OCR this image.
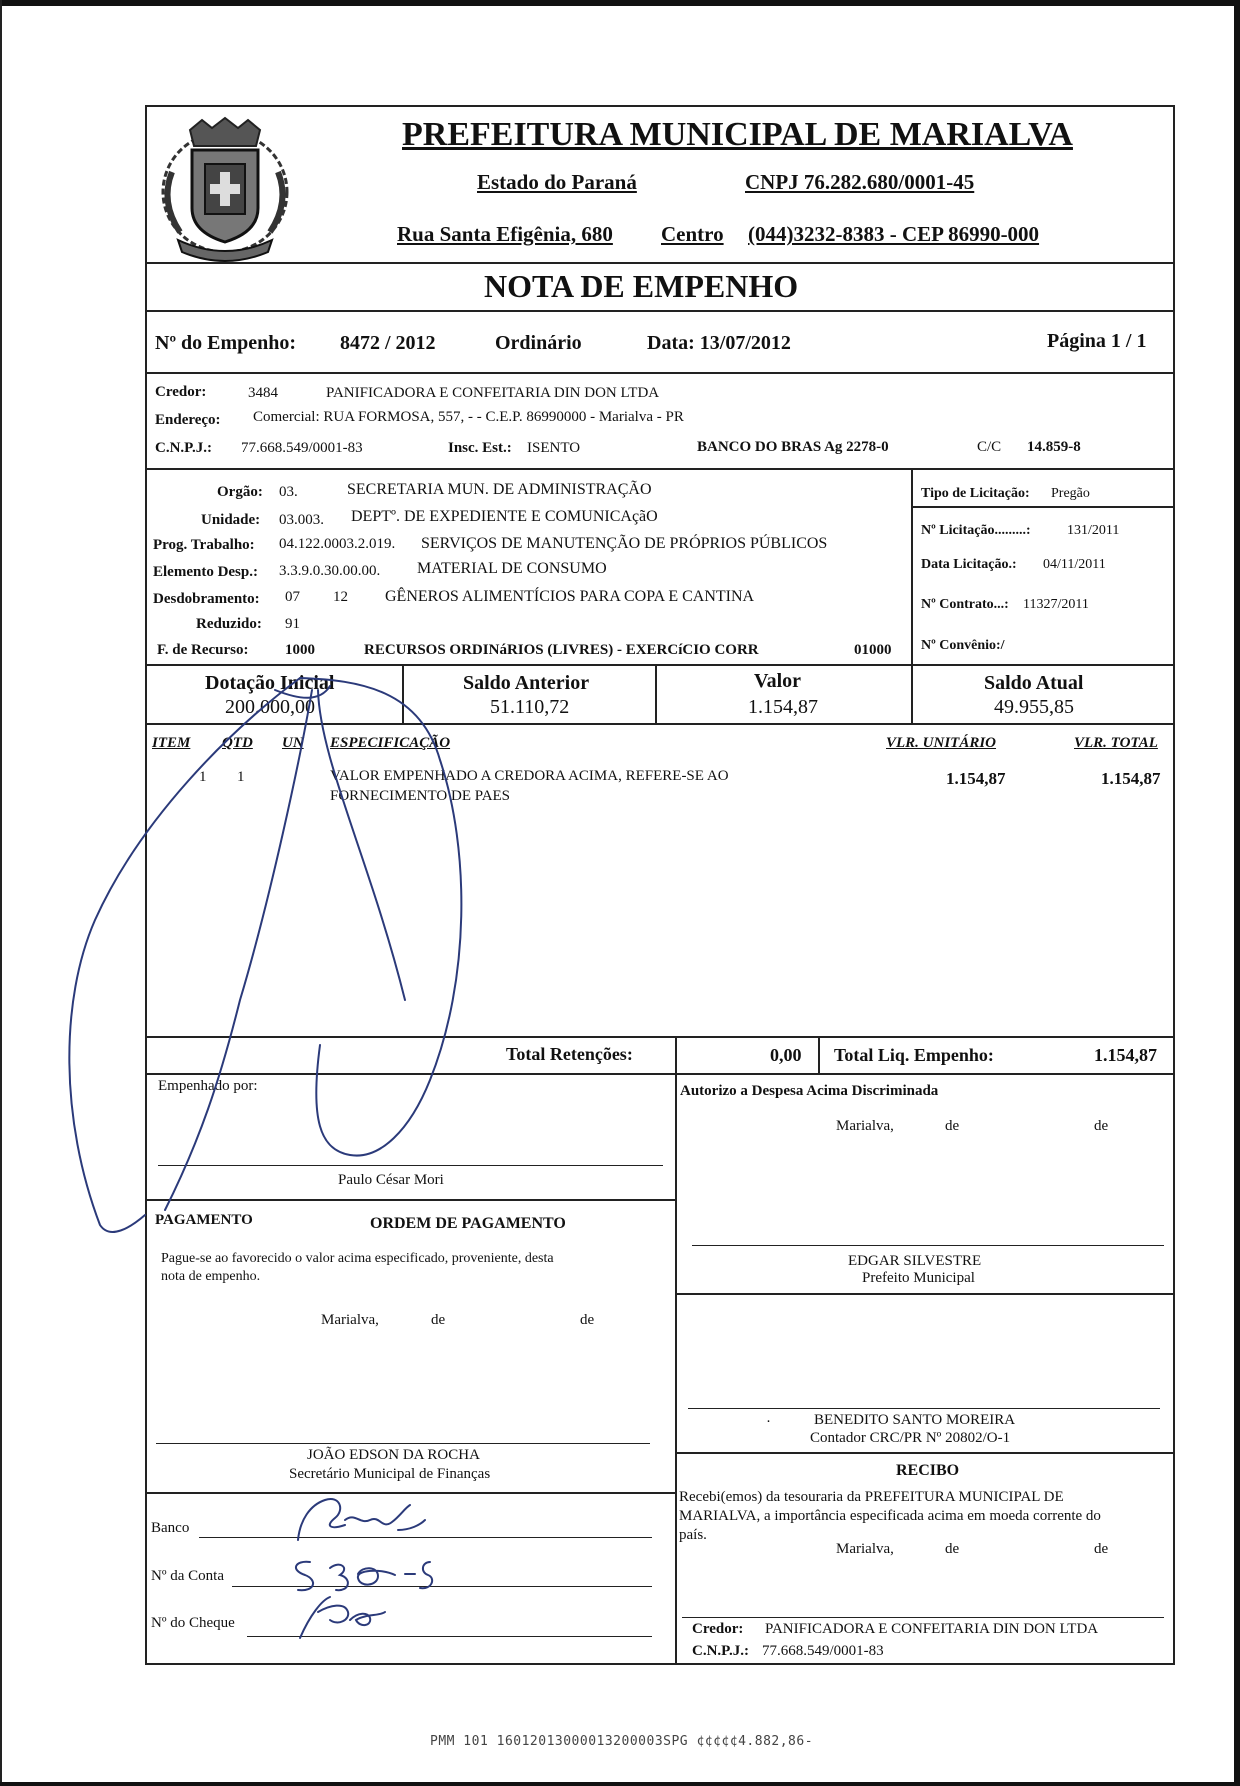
PREFEITURA MUNICIPAL DE MARIALVA
Estado do Paraná	CNPJ 76.282.680/0001-45
Rua Santa Efigênia, 680 Centro (044)3232-8383 - CEP 86990-000
NOTA DE EMPENHO
Nº do Empenho: 8472 / 2012	Ordinário	Data: 13/07/2012	Página 1 / 1
Credor:	3484	PANIFICADORA E CONFEITARIA DIN DON LTDA
Endereço: Comercial: RUA FORMOSA, 557, - - C.E.P. 86990000 - Marialva - PR
C.N.P.J.: 77.668.549/0001-83	Insc. Est.: ISENTO	BANCO DO BRAS Ag 2278-0	C/C 14.859-8
Orgão: 03.	SECRETARIA MUN. DE ADMINISTRAÇÃO
Unidade: 03.003. DEPTº. DE EXPEDIENTE E COMUNICAçãO
Prog. Trabalho: 04.122.0003.2.019. SERVIÇOS DE MANUTENÇÃO DE PRÓPRIOS PÚBLICOS
Elemento Desp.: 3.3.9.0.30.00.00. MATERIAL DE CONSUMO
Desdobramento: 07 12 GÊNEROS ALIMENTÍCIOS PARA COPA E CANTINA
Reduzido: 91
F. de Recurso: 1000	RECURSOS ORDINáRIOS (LIVRES) - EXERCíCIO CORR	01000
Tipo de Licitação: Pregão
Nº Licitação.........:	131/2011
Data Licitação.: 04/11/2011
Nº Contrato...: 11327/2011
Nº Convênio:/
Dotação Inicial
200.000,00
Saldo Anterior
51.110,72
Valor
1.154,87
Saldo Atual
49.955,85
ITEM QTD UN ESPECIFICAÇÃO	VLR. UNITÁRIO	VLR. TOTAL
1 1	VALOR EMPENHADO A CREDORA ACIMA, REFERE-SE AO
FORNECIMENTO DE PAES
1.154,87	1.154,87
Total Retenções:	0,00 Total Liq. Empenho:	1.154,87
Empenhado por:
Paulo César Mori
Autorizo a Despesa Acima Discriminada
Marialva,	de	de
EDGAR SILVESTRE
Prefeito Municipal
·	BENEDITO SANTO MOREIRA
Contador CRC/PR Nº 20802/O-1
PAGAMENTO	ORDEM DE PAGAMENTO
Pague-se ao favorecido o valor acima especificado, proveniente, desta
nota de empenho.
Marialva,	de	de
JOÃO EDSON DA ROCHA
Secretário Municipal de Finanças
Banco
Nº da Conta
Nº do Cheque
RECIBO
Recebi(emos) da tesouraria da PREFEITURA MUNICIPAL DE
MARIALVA, a importância especificada acima em moeda corrente do
país.
Marialva,	de	de
Credor: PANIFICADORA E CONFEITARIA DIN DON LTDA
C.N.P.J.: 77.668.549/0001-83
PMM 101 16012013000013200003SPG ¢¢¢¢¢4.882,86-
